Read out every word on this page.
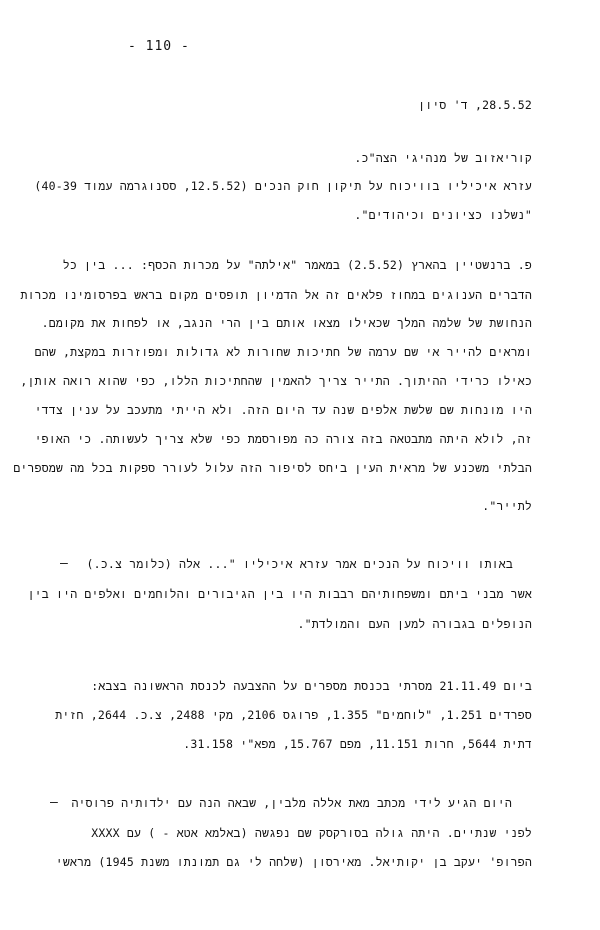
- 110 -
28.5.52, ד' סיון
קוריאזוב של מנהיגי הצה"כ.
עזרא איכיליו בוויכוח על תיקון חוק הנכים (12.5.52, ססנוגרמה עמוד 40-39)
"נשלנו כציונים וכיהודים".
פ. ברנשטיין בהארץ (2.5.52) במאמר "אילתה" על מכרות הכסף: ... בין כל
הדברים הענוגים במחוז פלאים זה אל הדמיון תופסים מקום בראש בפרסומינו מכרות
הנחושת של שלמה המלך שכאילו מצאו אותם בין הרי הנגב, או לפחות את מקומם.
ומראים להייר אי שם ערמה של חתיכות שחורות לא גדולות ומפוזרות במקצת, שהם
כאילו כרידי ההיתוך. התייר צריך להאמין שהחתיכות הללו, כפי שהוא רואה אותן,
היו מונחות שם שלשת אלפים שנה עד היום הזה. ולא הייתי מתעכב על ענין צדדי
זה, לולא היתה מתבטאה בזה צורה כה מפורסמת כפי שלא צריך לעשותה. כי האופי
הבלתי משכנע של מראית העין ביחס לסיפור הזה עלול לעורר ספקות בכל מה שמספרים
לתייר".
– באותו וויכוח על הנכים אמר עזרא איכיליו "... אלה (כלומר צ.כ.)
אשר מבני ביתם ומשפחותיהם רבבות היו בין הגיבורים והלוחמים ואלפים היו בין
הנופלים בגבורה למען העם והמולדת".
ביום 21.11.49 מסרתי בכנסת מספרים על ההצבעה לכנסת הראשונה בצבא:
ספרדים 1.251, "לוחמים" 1.355, פרוגס 2106, מקי 2488, צ.כ. 2644, חזית
דתית 5644, חרות 11.151, מפם 15.767, מפא"י 31.158.
– היום הגיע לידי מכתב מאת אללה מלבין, שבאה הנה עם ילדותיה פרוסיה
לפני שנתיים. היתה גולה בסורקסק שם נפגשה (באלמא אטא - ) עם XXXX
הפרופ' יעקב בן יקותיאל. מאירסון (שלחה לי גם תמונתו משנת 1945) מראשי
